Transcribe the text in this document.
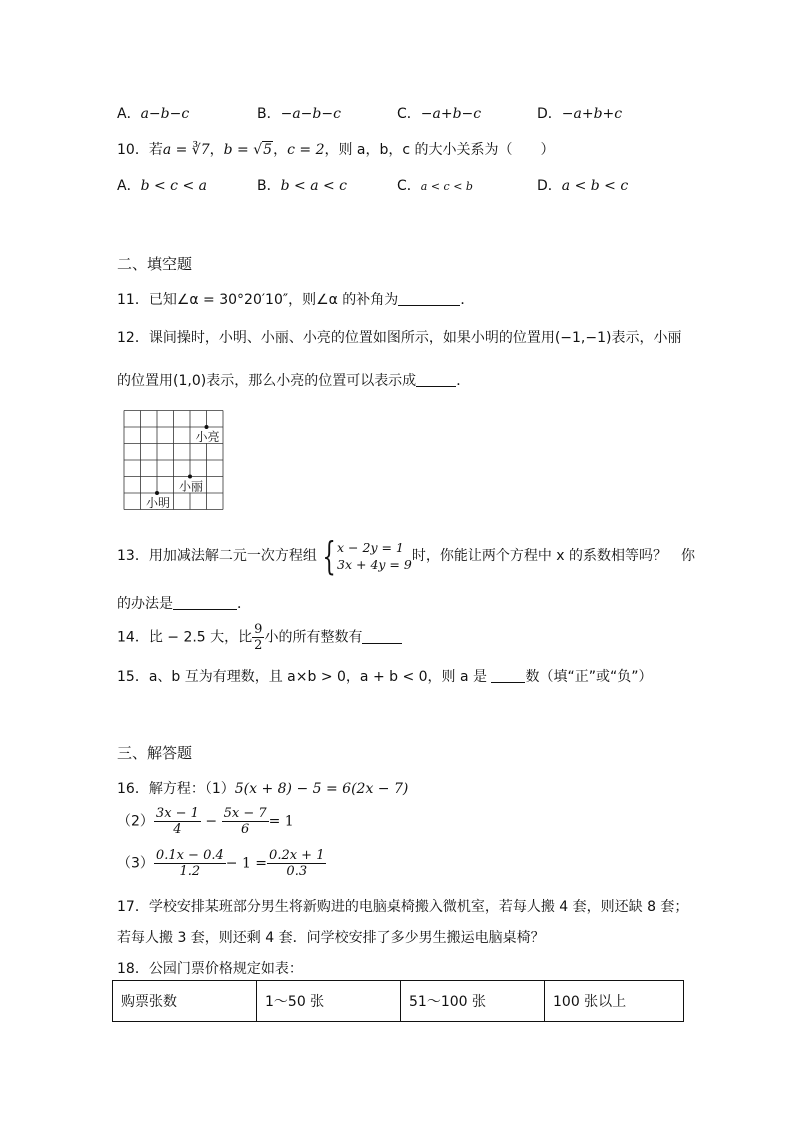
A．a−b−c	B．−a−b−c	C．−a+b−c	D．−a+b+c
10．若a = ∛7，b = √5，c = 2，则 a，b，c 的大小关系为（　　）
A．b < c < a	B．b < a < c	C．a < c < b	D．a < b < c
二、填空题
11．已知∠α = 30°20′10″，则∠α 的补角为	．
12．课间操时，小明、小丽、小亮的位置如图所示，如果小明的位置用(−1,−1)表示，小丽
的位置用(1,0)表示，那么小亮的位置可以表示成	．
小亮
小丽
小明
13．用加减法解二元一次方程组 { x − 2y = 1
3x + 4y = 9
时，你能让两个方程中 x 的系数相等吗？　你
的办法是	．
14．比 − 2.5 大，比 $\frac{9}{2}$ 小的所有整数有
15．a、b 互为有理数，且 a×b > 0，a + b < 0，则 a 是	数（填“正”或“负”）
三、解答题
16．解方程：（1）5(x + 8) − 5 = 6(2x − 7)
$(2) \frac{3x - 1}{4} - \frac{5x - 7}{6} = 1$
$(3) \frac{0.1x - 0.4}{1.2} - 1 = \frac{0.2x + 1}{0.3}$
17．学校安排某班部分男生将新购进的电脑桌椅搬入微机室，若每人搬 4 套，则还缺 8 套；
若每人搬 3 套，则还剩 4 套．问学校安排了多少男生搬运电脑桌椅？
18．公园门票价格规定如表：
购票张数	1～50 张	51～100 张	100 张以上
